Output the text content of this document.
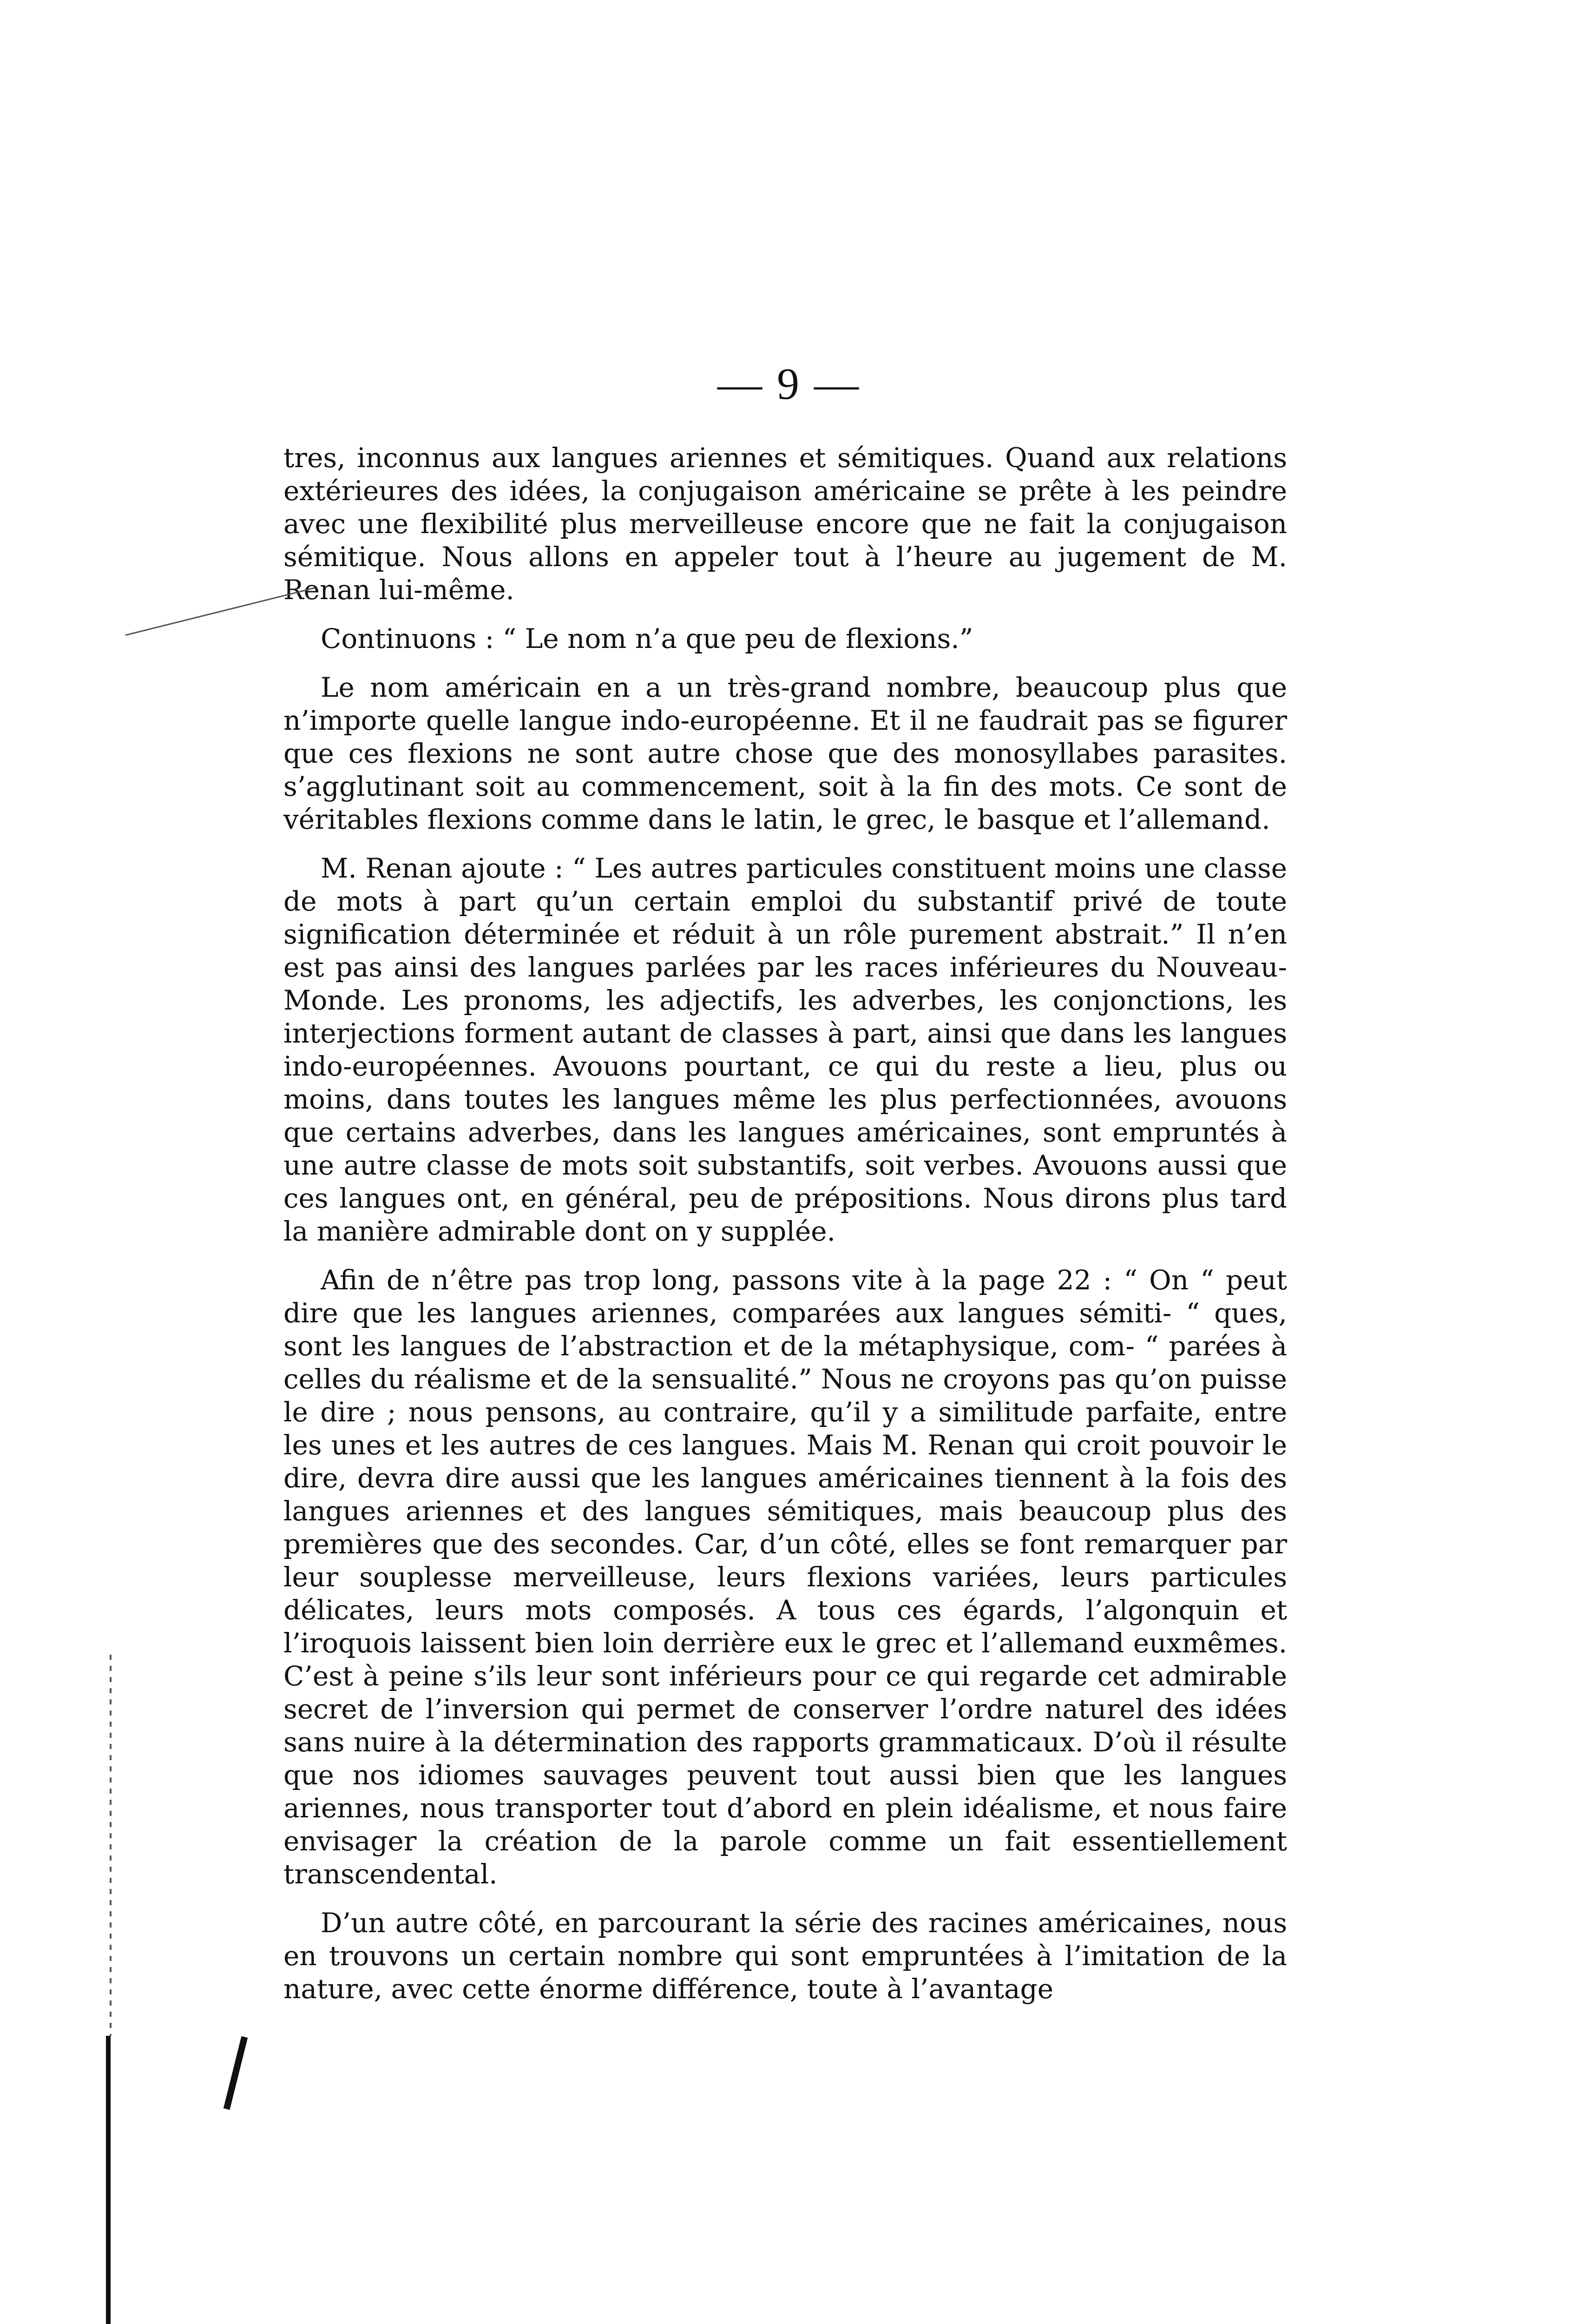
— 9 —

tres, inconnus aux langues ariennes et sémitiques. Quand aux relations extérieures des idées, la conjugaison américaine se prête à les peindre avec une flexibilité plus merveilleuse encore que ne fait la conjugaison sémitique. Nous allons en appeler tout à l’heure au jugement de M. Renan lui-même.

Continuons : “ Le nom n’a que peu de flexions.”

Le nom américain en a un très-grand nombre, beaucoup plus que n’importe quelle langue indo-européenne. Et il ne faudrait pas se figurer que ces flexions ne sont autre chose que des monosyllabes parasites. s’agglutinant soit au commencement, soit à la fin des mots. Ce sont de véritables flexions comme dans le latin, le grec, le basque et l’allemand.

M. Renan ajoute : “ Les autres particules constituent moins une classe de mots à part qu’un certain emploi du substantif privé de toute signification déterminée et réduit à un rôle purement abstrait.” Il n’en est pas ainsi des langues parlées par les races inférieures du Nouveau-Monde. Les pronoms, les adjectifs, les adverbes, les conjonctions, les interjections forment autant de classes à part, ainsi que dans les langues indo-européennes. Avouons pourtant, ce qui du reste a lieu, plus ou moins, dans toutes les langues même les plus perfectionnées, avouons que certains adverbes, dans les langues américaines, sont empruntés à une autre classe de mots soit substantifs, soit verbes. Avouons aussi que ces langues ont, en général, peu de prépositions. Nous dirons plus tard la manière admirable dont on y supplée.

Afin de n’être pas trop long, passons vite à la page 22 : “ On “ peut dire que les langues ariennes, comparées aux langues sémiti- “ ques, sont les langues de l’abstraction et de la métaphysique, com- “ parées à celles du réalisme et de la sensualité.” Nous ne croyons pas qu’on puisse le dire ; nous pensons, au contraire, qu’il y a similitude parfaite, entre les unes et les autres de ces langues. Mais M. Renan qui croit pouvoir le dire, devra dire aussi que les langues américaines tiennent à la fois des langues ariennes et des langues sémitiques, mais beaucoup plus des premières que des secondes. Car, d’un côté, elles se font remarquer par leur souplesse merveilleuse, leurs flexions variées, leurs particules délicates, leurs mots composés. A tous ces égards, l’algonquin et l’iroquois laissent bien loin derrière eux le grec et l’allemand euxmêmes. C’est à peine s’ils leur sont inférieurs pour ce qui regarde cet admirable secret de l’inversion qui permet de conserver l’ordre naturel des idées sans nuire à la détermination des rapports grammaticaux. D’où il résulte que nos idiomes sauvages peuvent tout aussi bien que les langues ariennes, nous transporter tout d’abord en plein idéalisme, et nous faire envisager la création de la parole comme un fait essentiellement transcendental.

D’un autre côté, en parcourant la série des racines américaines, nous en trouvons un certain nombre qui sont empruntées à l’imitation de la nature, avec cette énorme différence, toute à l’avantage
